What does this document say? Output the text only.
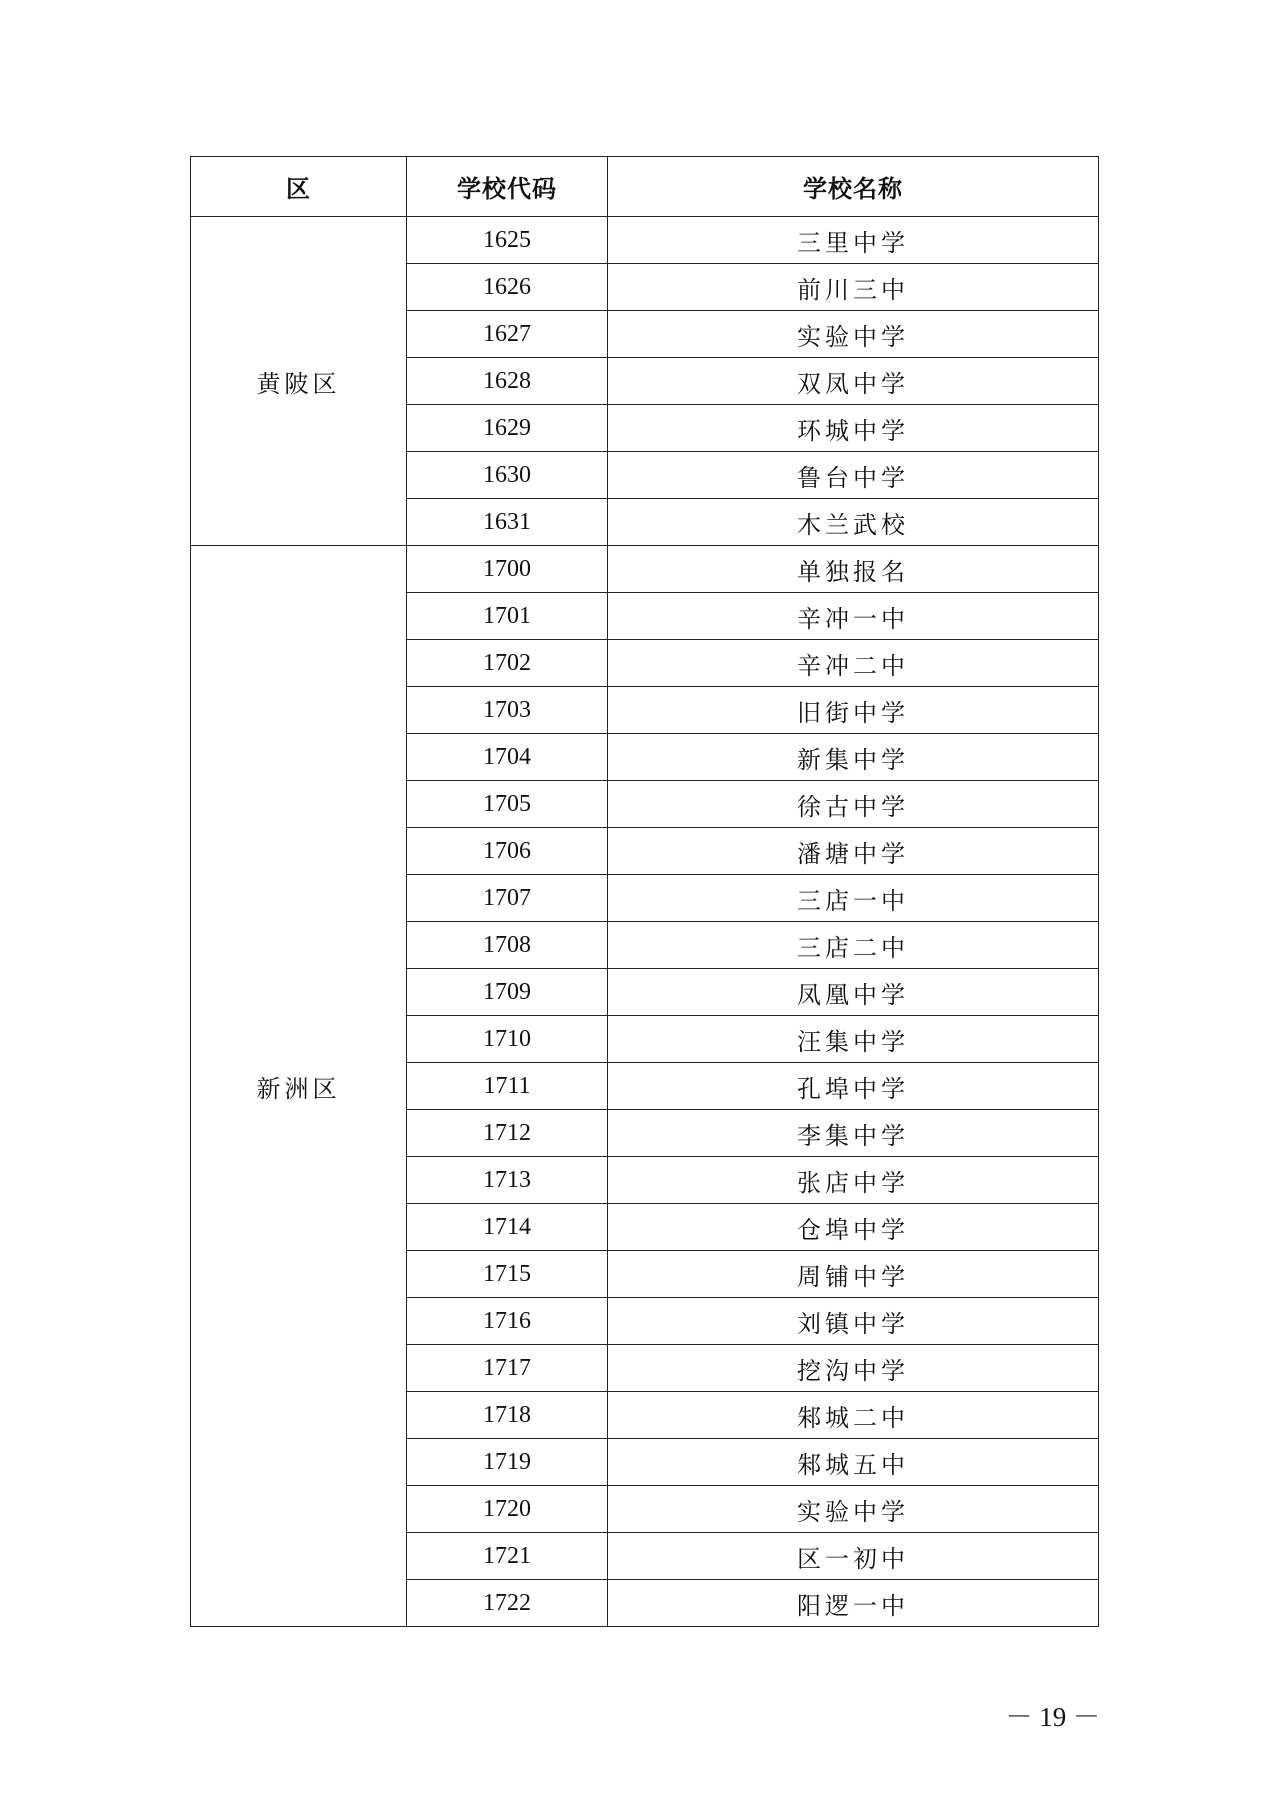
区	学校代码	学校名称
黄陂区	1625	三里中学
	1626	前川三中
	1627	实验中学
	1628	双凤中学
	1629	环城中学
	1630	鲁台中学
	1631	木兰武校
新洲区	1700	单独报名
	1701	辛冲一中
	1702	辛冲二中
	1703	旧街中学
	1704	新集中学
	1705	徐古中学
	1706	潘塘中学
	1707	三店一中
	1708	三店二中
	1709	凤凰中学
	1710	汪集中学
	1711	孔埠中学
	1712	李集中学
	1713	张店中学
	1714	仓埠中学
	1715	周铺中学
	1716	刘镇中学
	1717	挖沟中学
	1718	邾城二中
	1719	邾城五中
	1720	实验中学
	1721	区一初中
	1722	阳逻一中
－ 19 －
